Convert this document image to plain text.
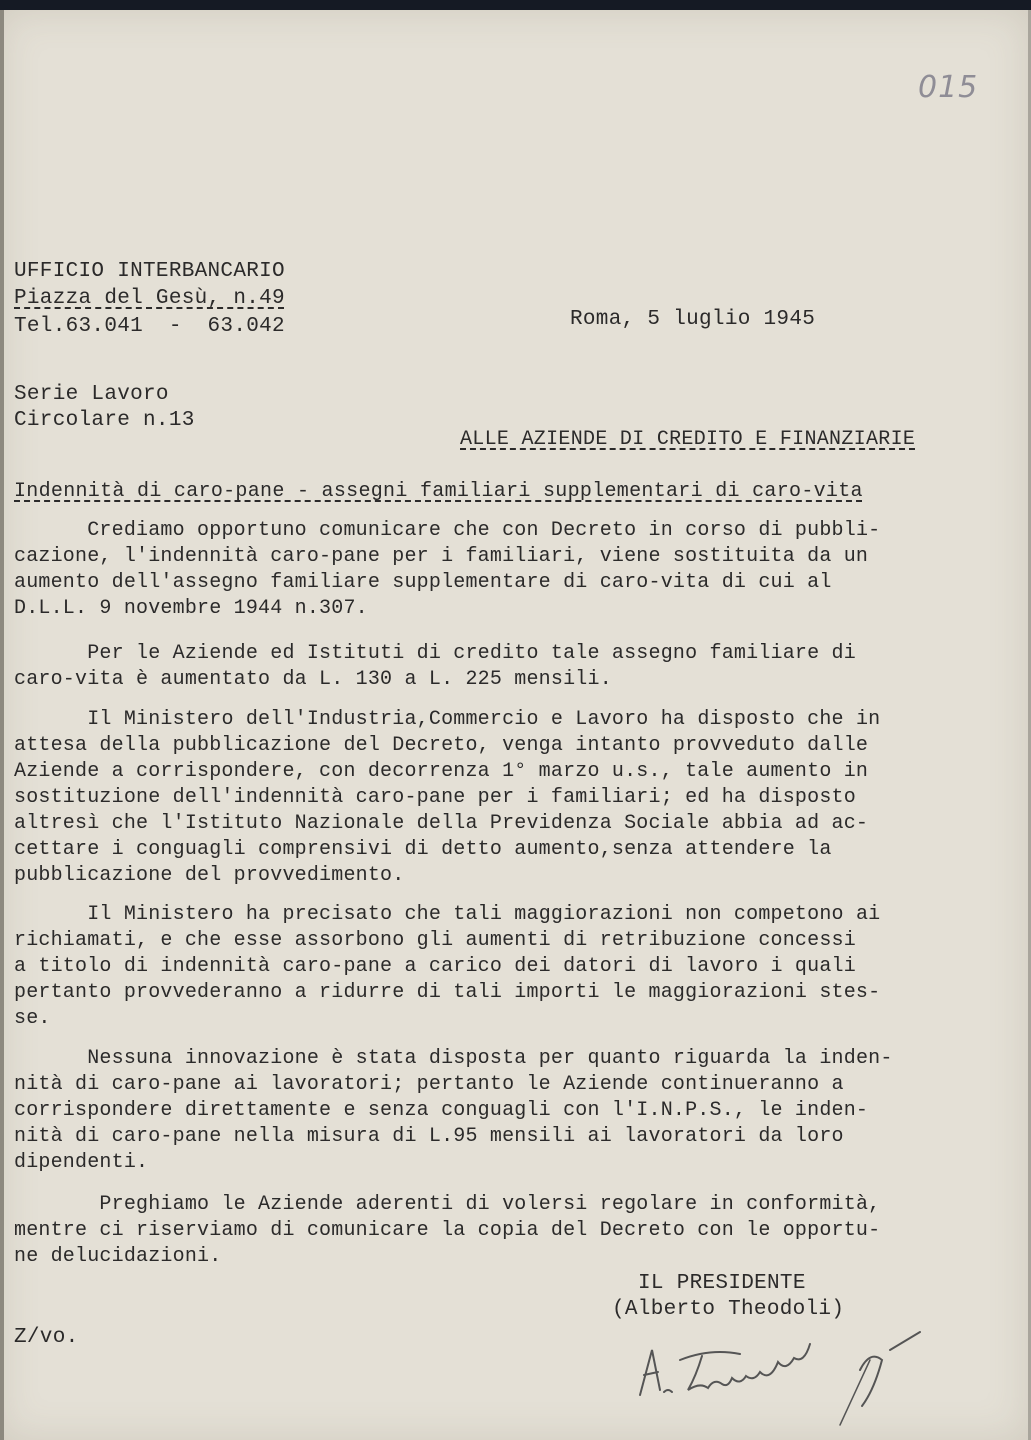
015
UFFICIO INTERBANCARIO
Piazza del Gesù, n.49
Tel.63.041  -  63.042	Roma, 5 luglio 1945
Serie Lavoro
Circolare n.13
ALLE AZIENDE DI CREDITO E FINANZIARIE
Indennità di caro-pane - assegni familiari supplementari di caro-vita
Crediamo opportuno comunicare che con Decreto in corso di pubbli-
cazione, l'indennità caro-pane per i familiari, viene sostituita da un
aumento dell'assegno familiare supplementare di caro-vita di cui al
D.L.L. 9 novembre 1944 n.307.
Per le Aziende ed Istituti di credito tale assegno familiare di
caro-vita è aumentato da L. 130 a L. 225 mensili.
Il Ministero dell'Industria,Commercio e Lavoro ha disposto che in
attesa della pubblicazione del Decreto, venga intanto provveduto dalle
Aziende a corrispondere, con decorrenza 1° marzo u.s., tale aumento in
sostituzione dell'indennità caro-pane per i familiari; ed ha disposto
altresì che l'Istituto Nazionale della Previdenza Sociale abbia ad ac-
cettare i conguagli comprensivi di detto aumento,senza attendere la
pubblicazione del provvedimento.
Il Ministero ha precisato che tali maggiorazioni non competono ai
richiamati, e che esse assorbono gli aumenti di retribuzione concessi
a titolo di indennità caro-pane a carico dei datori di lavoro i quali
pertanto provvederanno a ridurre di tali importi le maggiorazioni stes-
se.
Nessuna innovazione è stata disposta per quanto riguarda la inden-
nità di caro-pane ai lavoratori; pertanto le Aziende continueranno a
corrispondere direttamente e senza conguagli con l'I.N.P.S., le inden-
nità di caro-pane nella misura di L.95 mensili ai lavoratori da loro
dipendenti.
Preghiamo le Aziende aderenti di volersi regolare in conformità,
mentre ci riserviamo di comunicare la copia del Decreto con le opportu-
ne delucidazioni.
IL PRESIDENTE
(Alberto Theodoli)
Z/vo.
